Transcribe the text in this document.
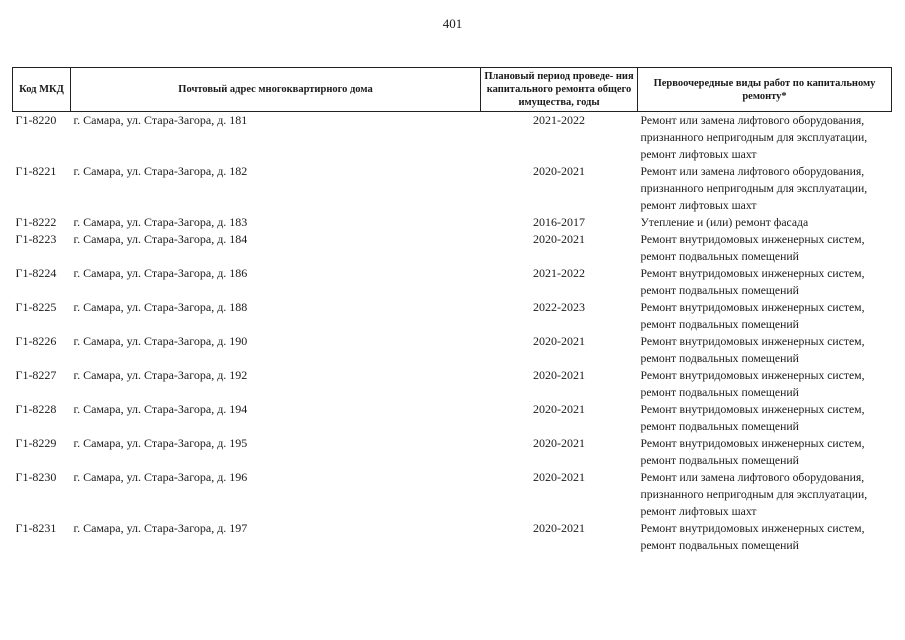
401
Код МКД	Почтовый адрес многоквартирного дома	Плановый период проведе- ния капитального ремонта общего имущества, годы	Первоочередные виды работ по капитальному ремонту*
Г1-8220	г. Самара, ул. Стара-Загора, д. 181	2021-2022	Ремонт или замена лифтового оборудования,
признанного непригодным для эксплуатации,
ремонт лифтовых шахт

Г1-8221	г. Самара, ул. Стара-Загора, д. 182	2020-2021	Ремонт или замена лифтового оборудования,
признанного непригодным для эксплуатации,
ремонт лифтовых шахт

Г1-8222	г. Самара, ул. Стара-Загора, д. 183	2016-2017	Утепление и (или) ремонт фасада

Г1-8223	г. Самара, ул. Стара-Загора, д. 184	2020-2021	Ремонт внутридомовых инженерных систем,
ремонт подвальных помещений

Г1-8224	г. Самара, ул. Стара-Загора, д. 186	2021-2022	Ремонт внутридомовых инженерных систем,
ремонт подвальных помещений

Г1-8225	г. Самара, ул. Стара-Загора, д. 188	2022-2023	Ремонт внутридомовых инженерных систем,
ремонт подвальных помещений

Г1-8226	г. Самара, ул. Стара-Загора, д. 190	2020-2021	Ремонт внутридомовых инженерных систем,
ремонт подвальных помещений

Г1-8227	г. Самара, ул. Стара-Загора, д. 192	2020-2021	Ремонт внутридомовых инженерных систем,
ремонт подвальных помещений

Г1-8228	г. Самара, ул. Стара-Загора, д. 194	2020-2021	Ремонт внутридомовых инженерных систем,
ремонт подвальных помещений

Г1-8229	г. Самара, ул. Стара-Загора, д. 195	2020-2021	Ремонт внутридомовых инженерных систем,
ремонт подвальных помещений

Г1-8230	г. Самара, ул. Стара-Загора, д. 196	2020-2021	Ремонт или замена лифтового оборудования,
признанного непригодным для эксплуатации,
ремонт лифтовых шахт

Г1-8231	г. Самара, ул. Стара-Загора, д. 197	2020-2021	Ремонт внутридомовых инженерных систем,
ремонт подвальных помещений
